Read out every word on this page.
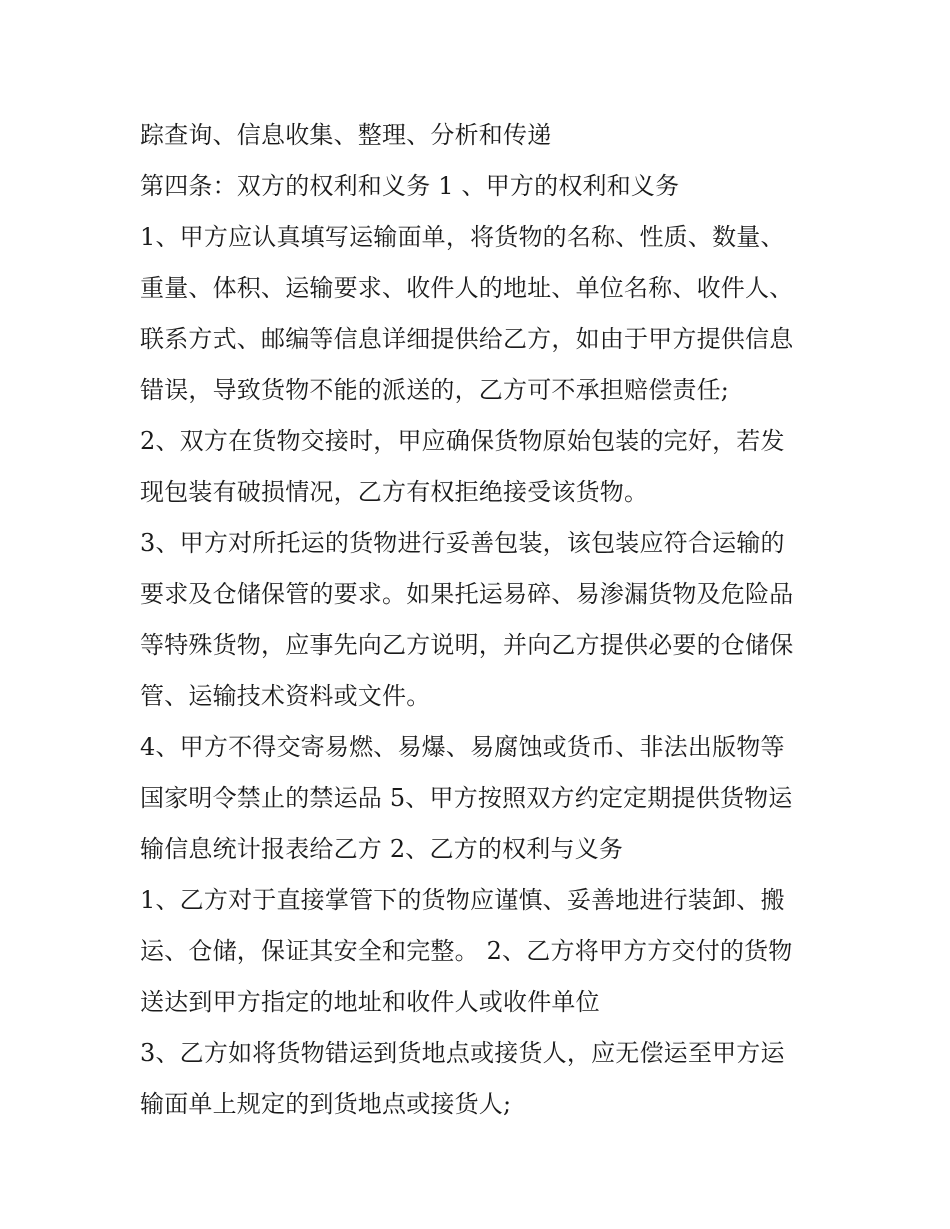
踪查询、信息收集、整理、分析和传递
第四条：双方的权利和义务 1 、甲方的权利和义务
1、甲方应认真填写运输面单，将货物的名称、性质、数量、
重量、体积、运输要求、收件人的地址、单位名称、收件人、
联系方式、邮编等信息详细提供给乙方，如由于甲方提供信息
错误，导致货物不能的派送的，乙方可不承担赔偿责任;
2、双方在货物交接时，甲应确保货物原始包装的完好，若发
现包装有破损情况，乙方有权拒绝接受该货物。
3、甲方对所托运的货物进行妥善包装，该包装应符合运输的
要求及仓储保管的要求。如果托运易碎、易渗漏货物及危险品
等特殊货物，应事先向乙方说明，并向乙方提供必要的仓储保
管、运输技术资料或文件。
4、甲方不得交寄易燃、易爆、易腐蚀或货币、非法出版物等
国家明令禁止的禁运品 5、甲方按照双方约定定期提供货物运
输信息统计报表给乙方 2、乙方的权利与义务
1、乙方对于直接掌管下的货物应谨慎、妥善地进行装卸、搬
运、仓储，保证其安全和完整。 2、乙方将甲方方交付的货物
送达到甲方指定的地址和收件人或收件单位
3、乙方如将货物错运到货地点或接货人，应无偿运至甲方运
输面单上规定的到货地点或接货人;
